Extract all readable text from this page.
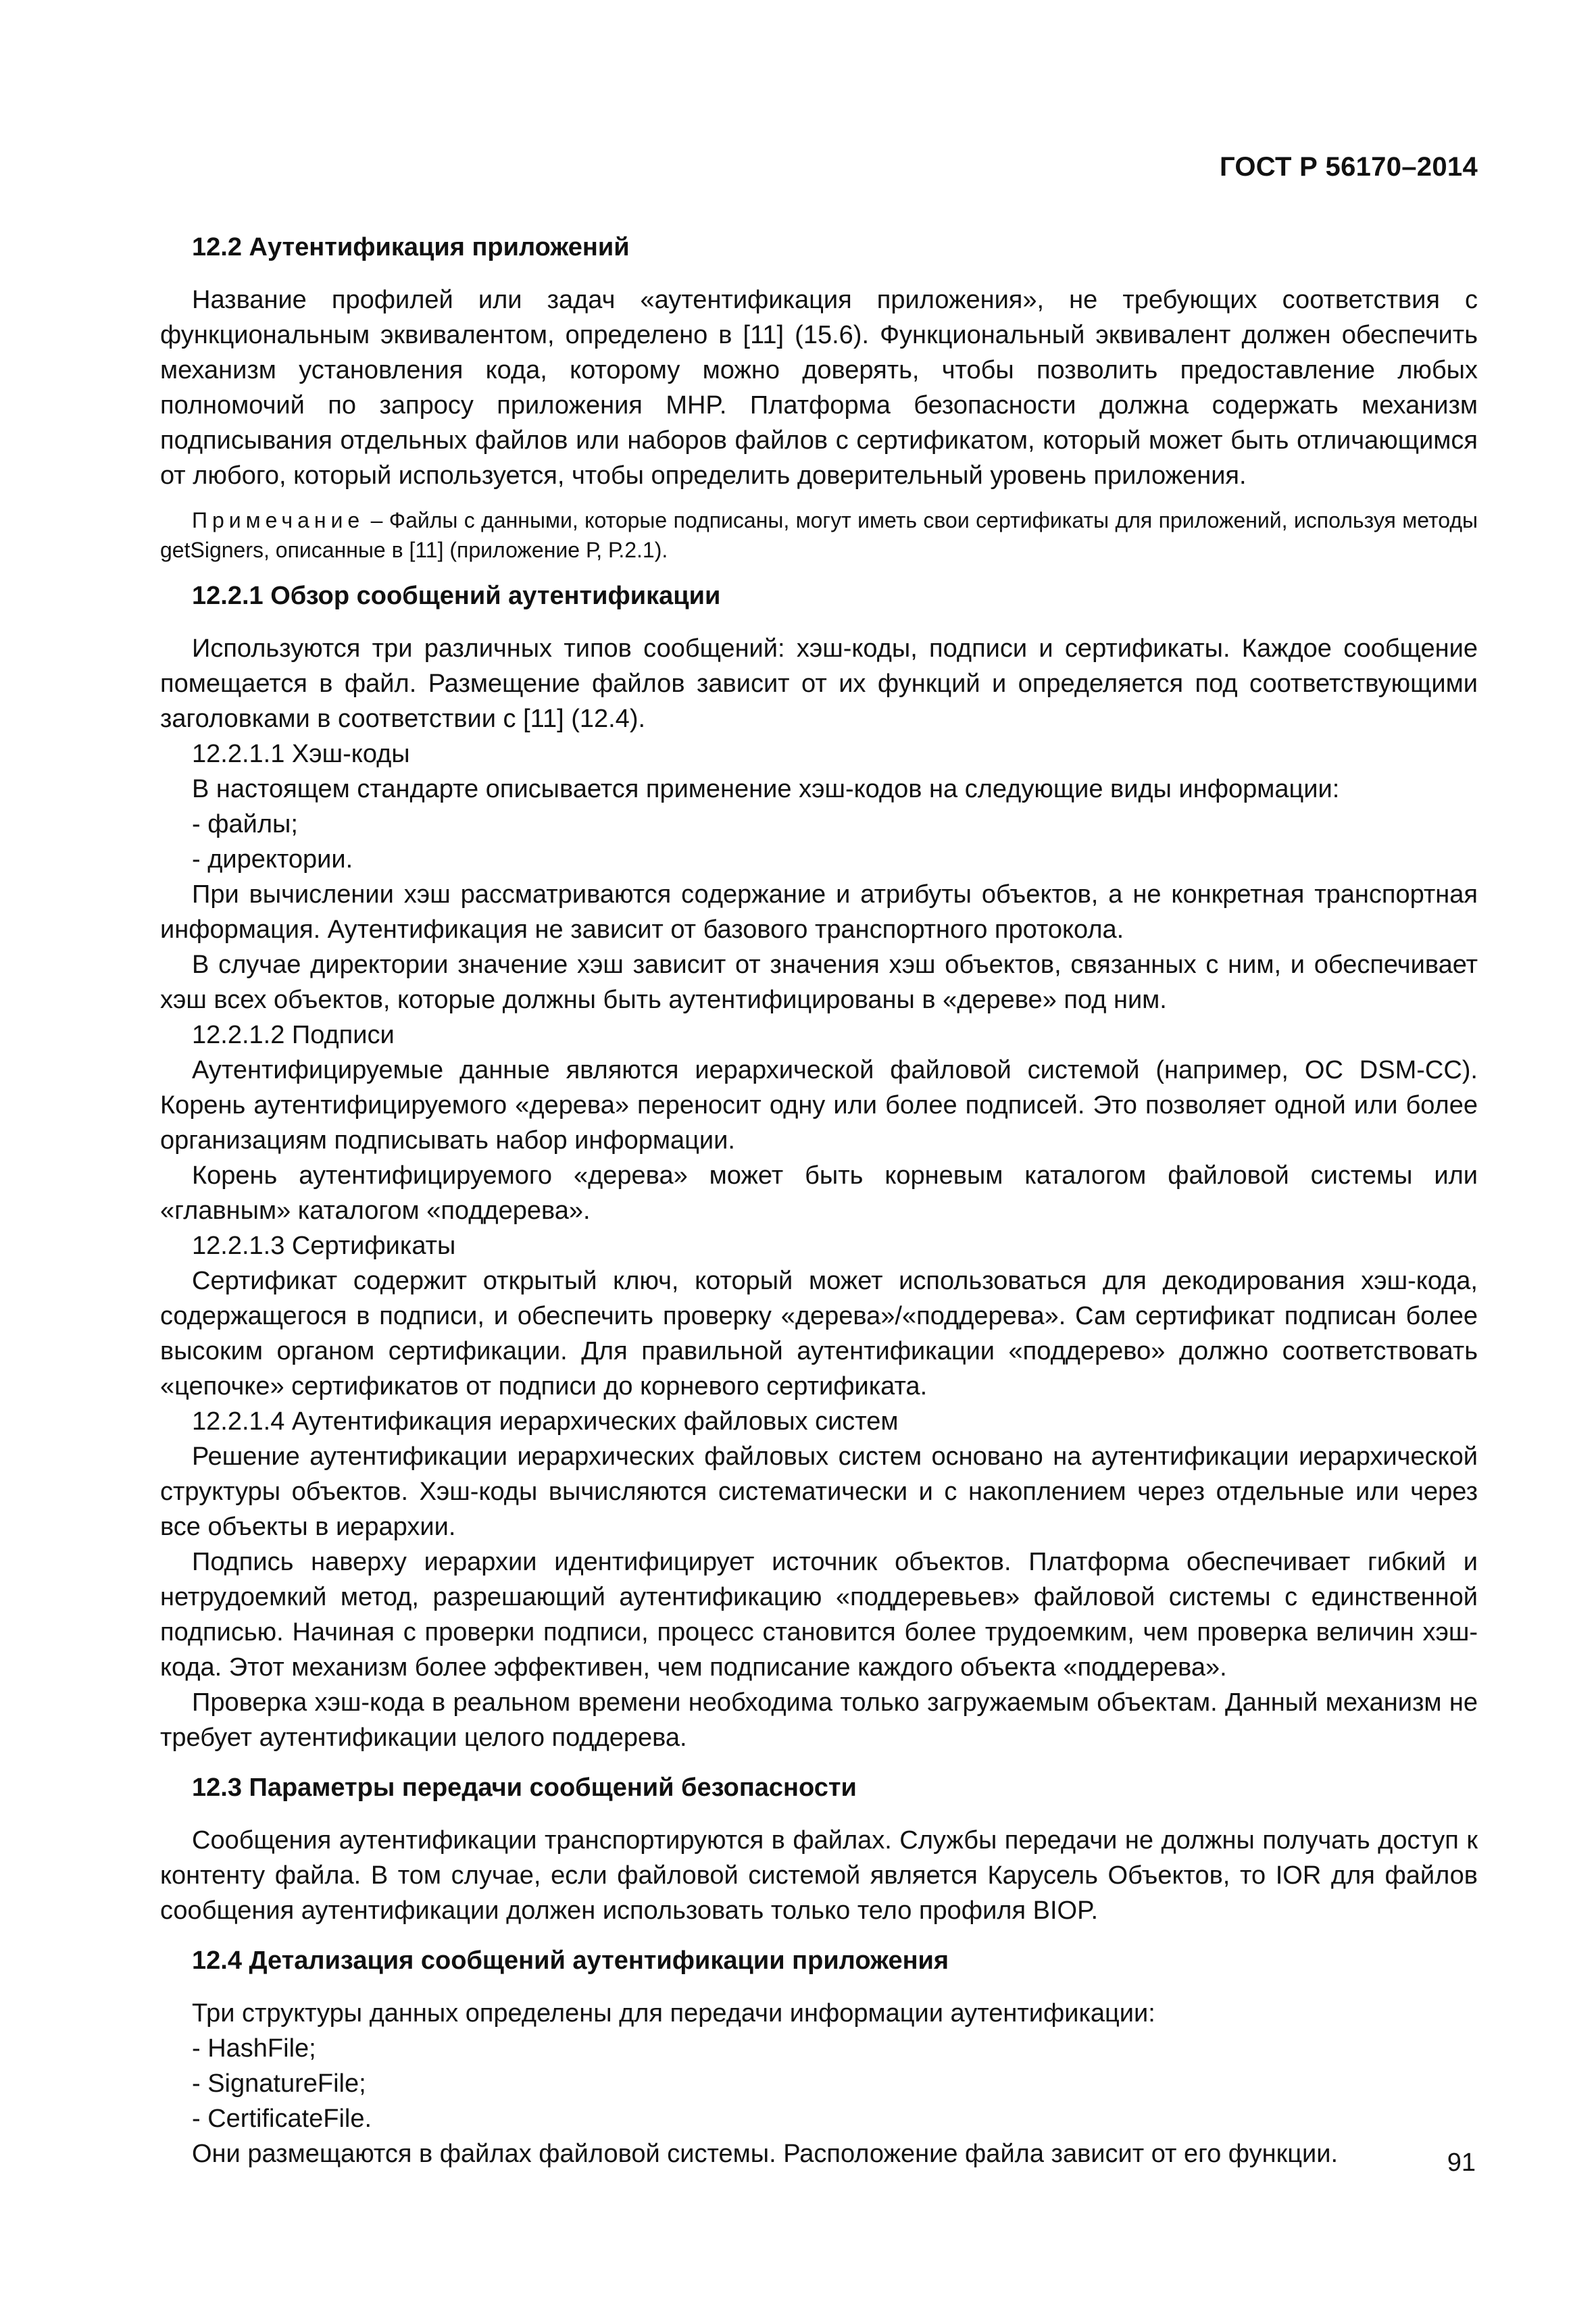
ГОСТ Р 56170–2014
12.2 Аутентификация приложений

Название профилей или задач «аутентификация приложения», не требующих соответствия с функциональным эквивалентом, определено в [11] (15.6). Функциональный эквивалент должен обеспечить механизм установления кода, которому можно доверять, чтобы позволить предоставление любых полномочий по запросу приложения MHP. Платформа безопасности должна содержать механизм подписывания отдельных файлов или наборов файлов с сертификатом, который может быть отличающимся от любого, который используется, чтобы определить доверительный уровень приложения.

Примечание – Файлы с данными, которые подписаны, могут иметь свои сертификаты для приложений, используя методы getSigners, описанные в [11] (приложение Р, Р.2.1).

12.2.1 Обзор сообщений аутентификации

Используются три различных типов сообщений: хэш-коды, подписи и сертификаты. Каждое сообщение помещается в файл. Размещение файлов зависит от их функций и определяется под соответствующими заголовками в соответствии с [11] (12.4).

12.2.1.1 Хэш-коды

В настоящем стандарте описывается применение хэш-кодов на следующие виды информации:

- файлы;

- директории.

При вычислении хэш рассматриваются содержание и атрибуты объектов, а не конкретная транспортная информация. Аутентификация не зависит от базового транспортного протокола.

В случае директории значение хэш зависит от значения хэш объектов, связанных с ним, и обеспечивает хэш всех объектов, которые должны быть аутентифицированы в «дереве» под ним.

12.2.1.2 Подписи

Аутентифицируемые данные являются иерархической файловой системой (например, ОС DSM-CC). Корень аутентифицируемого «дерева» переносит одну или более подписей. Это позволяет одной или более организациям подписывать набор информации.

Корень аутентифицируемого «дерева» может быть корневым каталогом файловой системы или «главным» каталогом «поддерева».

12.2.1.3 Сертификаты

Сертификат содержит открытый ключ, который может использоваться для декодирования хэш-кода, содержащегося в подписи, и обеспечить проверку «дерева»/«поддерева». Сам сертификат подписан более высоким органом сертификации. Для правильной аутентификации «поддерево» должно соответствовать «цепочке» сертификатов от подписи до корневого сертификата.

12.2.1.4 Аутентификация иерархических файловых систем

Решение аутентификации иерархических файловых систем основано на аутентификации иерархической структуры объектов. Хэш-коды вычисляются систематически и с накоплением через отдельные или через все объекты в иерархии.

Подпись наверху иерархии идентифицирует источник объектов. Платформа обеспечивает гибкий и нетрудоемкий метод, разрешающий аутентификацию «поддеревьев» файловой системы с единственной подписью. Начиная с проверки подписи, процесс становится более трудоемким, чем проверка величин хэш-кода. Этот механизм более эффективен, чем подписание каждого объекта «поддерева».

Проверка хэш-кода в реальном времени необходима только загружаемым объектам. Данный механизм не требует аутентификации целого поддерева.

12.3 Параметры передачи сообщений безопасности

Сообщения аутентификации транспортируются в файлах. Службы передачи не должны получать доступ к контенту файла. В том случае, если файловой системой является Карусель Объектов, то IOR для файлов сообщения аутентификации должен использовать только тело профиля BIOP.

12.4 Детализация сообщений аутентификации приложения

Три структуры данных определены для передачи информации аутентификации:

- HashFile;

- SignatureFile;

- CertificateFile.

Они размещаются в файлах файловой системы. Расположение файла зависит от его функции.	91
